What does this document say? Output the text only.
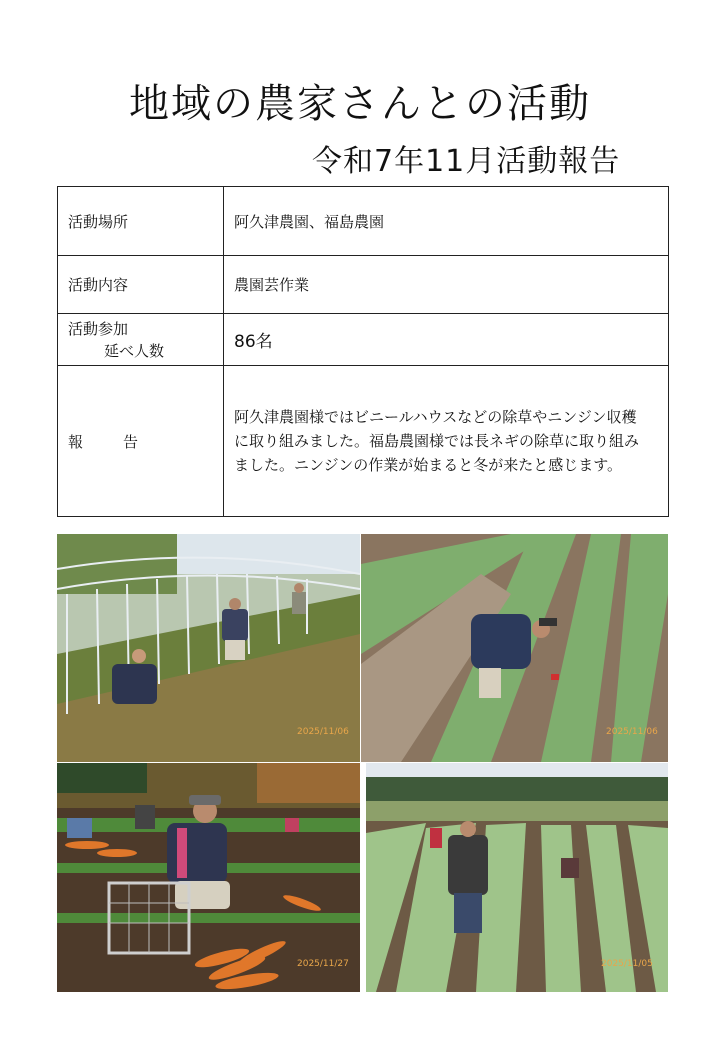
地域の農家さんとの活動
令和7年11月活動報告
活動場所	阿久津農園、福島農園
活動内容	農園芸作業
活動参加
延べ人数	86名
報告	阿久津農園様ではビニールハウスなどの除草やニンジン収穫
に取り組みました。福島農園様では長ネギの除草に取り組み
ました。ニンジンの作業が始まると冬が来たと感じます。
2025/11/06	2025/11/06
2025/11/27	2025/11/05
